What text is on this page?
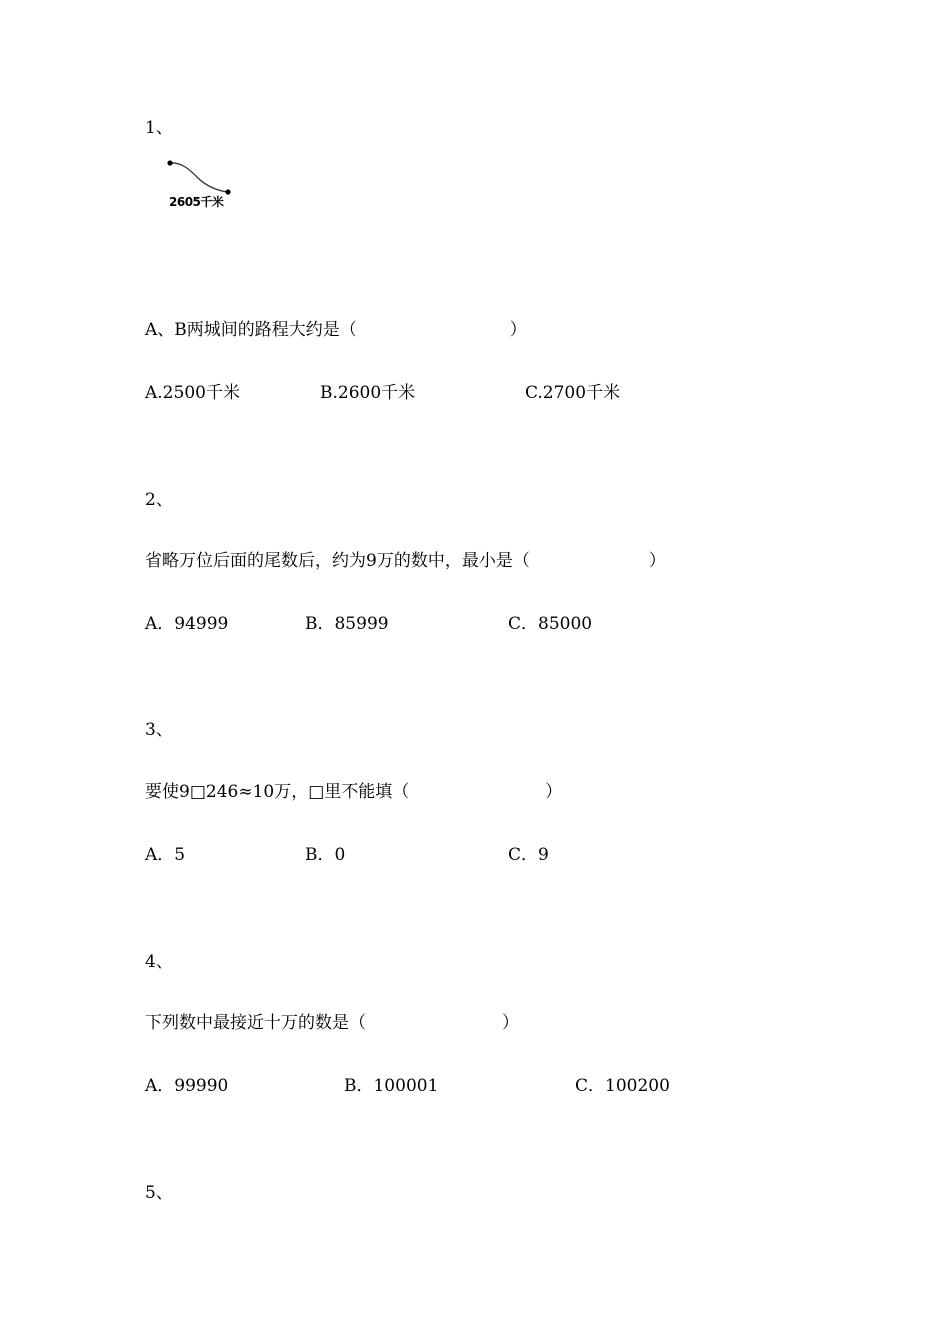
1、
2605千米
A、B两城间的路程大约是（　　　　　　　　　）
A.2500千米	B.2600千米	C.2700千米
2、
省略万位后面的尾数后，约为9万的数中，最小是（　　　　　　　）
A．94999	B．85999	C．85000
3、
要使9□246≈10万，□里不能填（　　　　　　　　）
A．5	B．0	C．9
4、
下列数中最接近十万的数是（　　　　　　　　）
A．99990	B．100001	C．100200
5、
